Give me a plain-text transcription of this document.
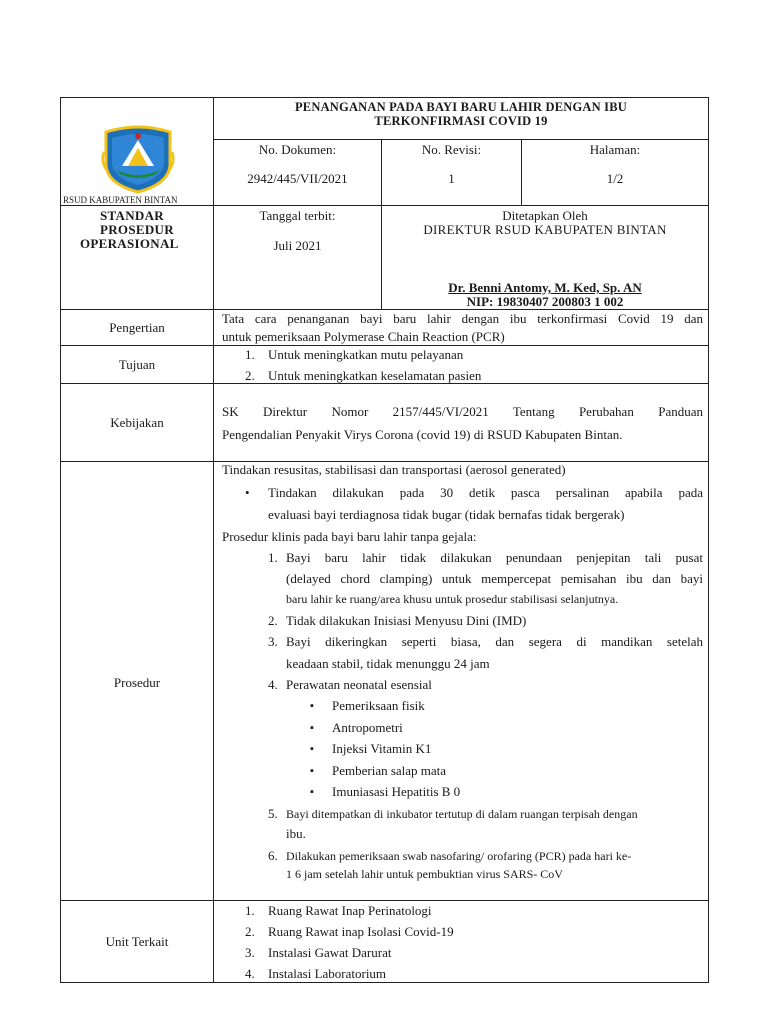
RSUD KABUPATEN BINTAN
PENANGANAN PADA BAYI BARU LAHIR DENGAN IBU
TERKONFIRMASI COVID 19
No. Dokumen:
2942/445/VII/2021
No. Revisi:
1
Halaman:
1/2
STANDAR
PROSEDUR
OPERASIONAL
Tanggal terbit:
Juli 2021
Ditetapkan Oleh
DIREKTUR RSUD KABUPATEN BINTAN
Dr. Benni Antomy, M. Ked, Sp. AN
NIP: 19830407 200803 1 002
Pengertian
Tata cara penanganan bayi baru lahir dengan ibu terkonfirmasi Covid 19 dan
untuk pemeriksaan Polymerase Chain Reaction (PCR)
Tujuan
1. Untuk meningkatkan mutu pelayanan
2. Untuk meningkatkan keselamatan pasien
Kebijakan
SK Direktur Nomor 2157/445/VI/2021 Tentang Perubahan Panduan
Pengendalian Penyakit Virys Corona (covid 19) di RSUD Kabupaten Bintan.
Prosedur
Tindakan resusitas, stabilisasi dan transportasi (aerosol generated)
• Tindakan dilakukan pada 30 detik pasca persalinan apabila pada
evaluasi bayi terdiagnosa tidak bugar (tidak bernafas tidak bergerak)
Prosedur klinis pada bayi baru lahir tanpa gejala:
1. Bayi baru lahir tidak dilakukan penundaan penjepitan tali pusat
(delayed chord clamping) untuk mempercepat pemisahan ibu dan bayi
baru lahir ke ruang/area khusu untuk prosedur stabilisasi selanjutnya.
2. Tidak dilakukan Inisiasi Menyusu Dini (IMD)
3. Bayi dikeringkan seperti biasa, dan segera di mandikan setelah
keadaan stabil, tidak menunggu 24 jam
4. Perawatan neonatal esensial
▪ Pemeriksaan fisik
▪ Antropometri
▪ Injeksi Vitamin K1
▪ Pemberian salap mata
▪ Imuniasasi Hepatitis B 0
5. Bayi ditempatkan di inkubator tertutup di dalam ruangan terpisah dengan
ibu.
6. Dilakukan pemeriksaan swab nasofaring/ orofaring (PCR) pada hari ke-
1 6 jam setelah lahir untuk pembuktian virus SARS- CoV
Unit Terkait
1. Ruang Rawat Inap Perinatologi
2. Ruang Rawat inap Isolasi Covid-19
3. Instalasi Gawat Darurat
4. Instalasi Laboratorium
